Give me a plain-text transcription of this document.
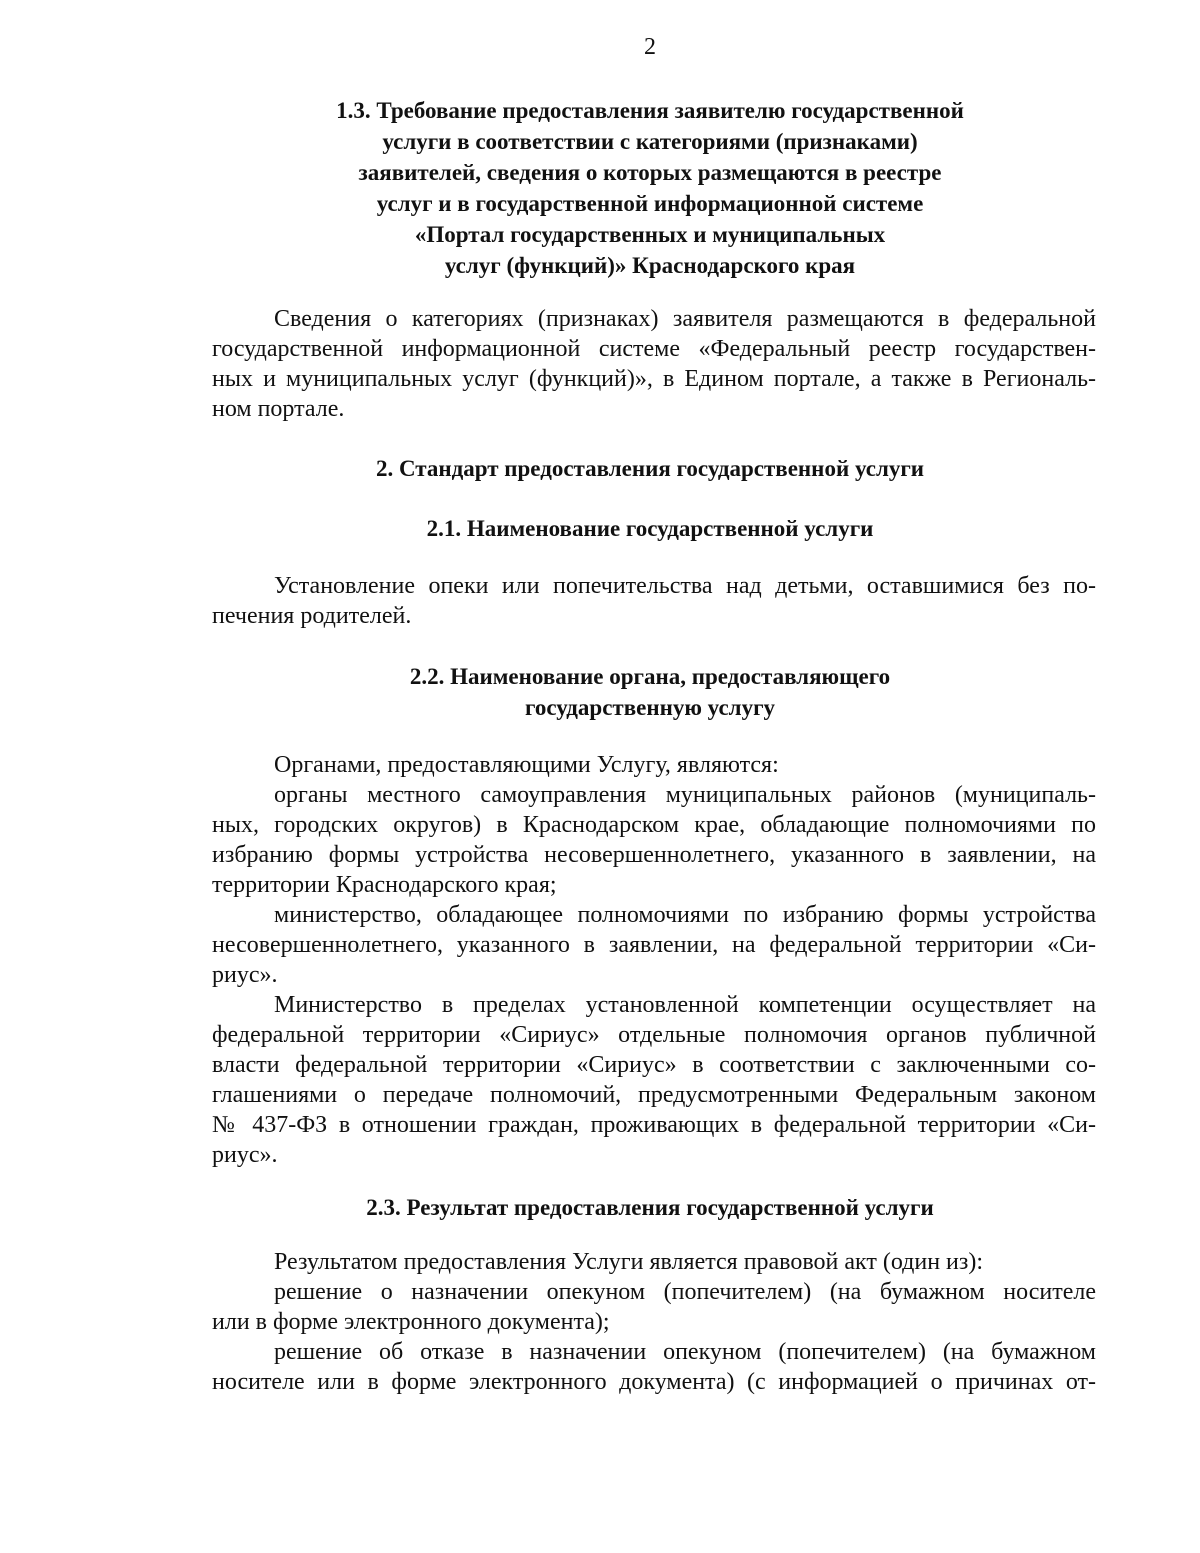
2
1.3. Требование предоставления заявителю государственной
услуги в соответствии с категориями (признаками)
заявителей, сведения о которых размещаются в реестре
услуг и в государственной информационной системе
«Портал государственных и муниципальных
услуг (функций)» Краснодарского края
Сведения о категориях (признаках) заявителя размещаются в федеральной
государственной информационной системе «Федеральный реестр государствен-
ных и муниципальных услуг (функций)», в Едином портале, а также в Региональ-
ном портале.
2. Стандарт предоставления государственной услуги
2.1. Наименование государственной услуги
Установление опеки или попечительства над детьми, оставшимися без по-
печения родителей.
2.2. Наименование органа, предоставляющего
государственную услугу
Органами, предоставляющими Услугу, являются:
органы местного самоуправления муниципальных районов (муниципаль-
ных, городских округов) в Краснодарском крае, обладающие полномочиями по
избранию формы устройства несовершеннолетнего, указанного в заявлении, на
территории Краснодарского края;
министерство, обладающее полномочиями по избранию формы устройства
несовершеннолетнего, указанного в заявлении, на федеральной территории «Си-
риус».
Министерство в пределах установленной компетенции осуществляет на
федеральной территории «Сириус» отдельные полномочия органов публичной
власти федеральной территории «Сириус» в соответствии с заключенными со-
глашениями о передаче полномочий, предусмотренными Федеральным законом
№ 437-ФЗ в отношении граждан, проживающих в федеральной территории «Си-
риус».
2.3. Результат предоставления государственной услуги
Результатом предоставления Услуги является правовой акт (один из):
решение о назначении опекуном (попечителем) (на бумажном носителе
или в форме электронного документа);
решение об отказе в назначении опекуном (попечителем) (на бумажном
носителе или в форме электронного документа) (с информацией о причинах от-
